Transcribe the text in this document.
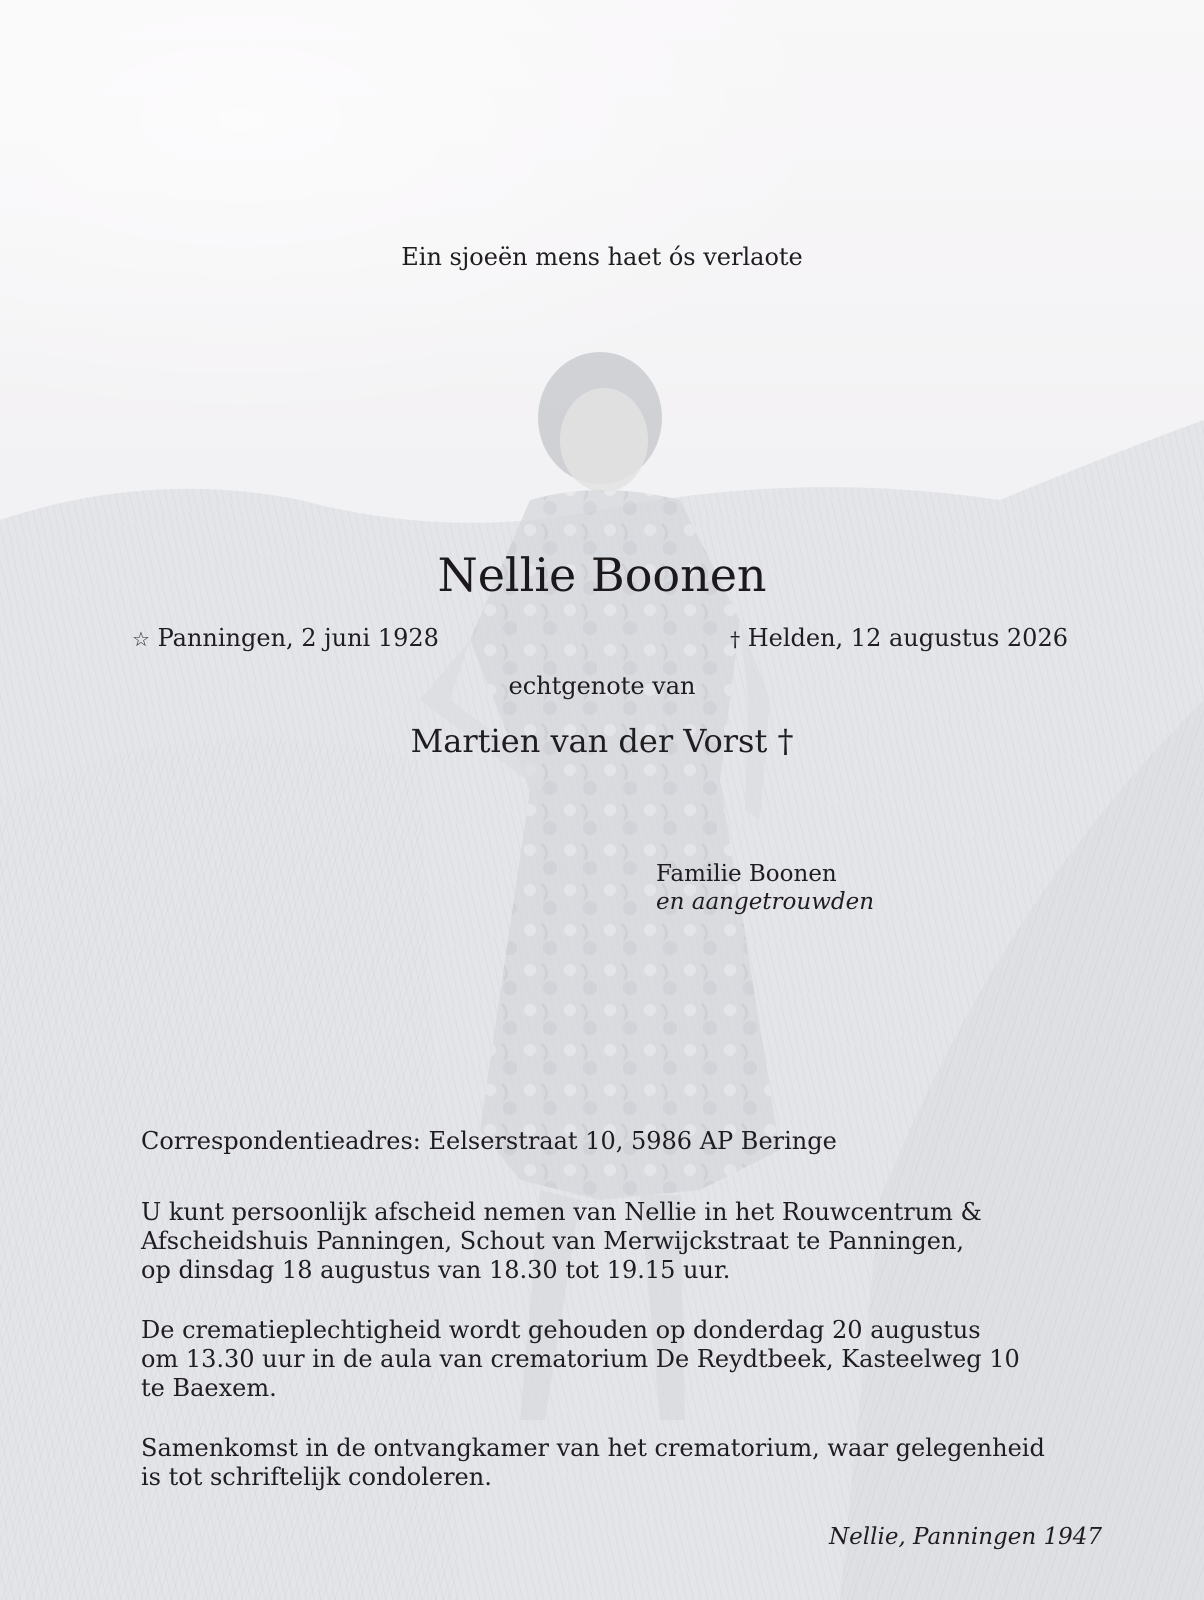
Ein sjoeën mens haet ós verlaote

Nellie Boonen

☆ Panningen, 2 juni 1928	† Helden, 12 augustus 2026

echtgenote van

Martien van der Vorst †

Familie Boonen
en aangetrouwden

Correspondentieadres: Eelserstraat 10, 5986 AP Beringe

U kunt persoonlijk afscheid nemen van Nellie in het Rouwcentrum &
Afscheidshuis Panningen, Schout van Merwijckstraat te Panningen,
op dinsdag 18 augustus van 18.30 tot 19.15 uur.
De crematieplechtigheid wordt gehouden op donderdag 20 augustus
om 13.30 uur in de aula van crematorium De Reydtbeek, Kasteelweg 10
te Baexem.
Samenkomst in de ontvangkamer van het crematorium, waar gelegenheid
is tot schriftelijk condoleren.

Nellie, Panningen 1947
